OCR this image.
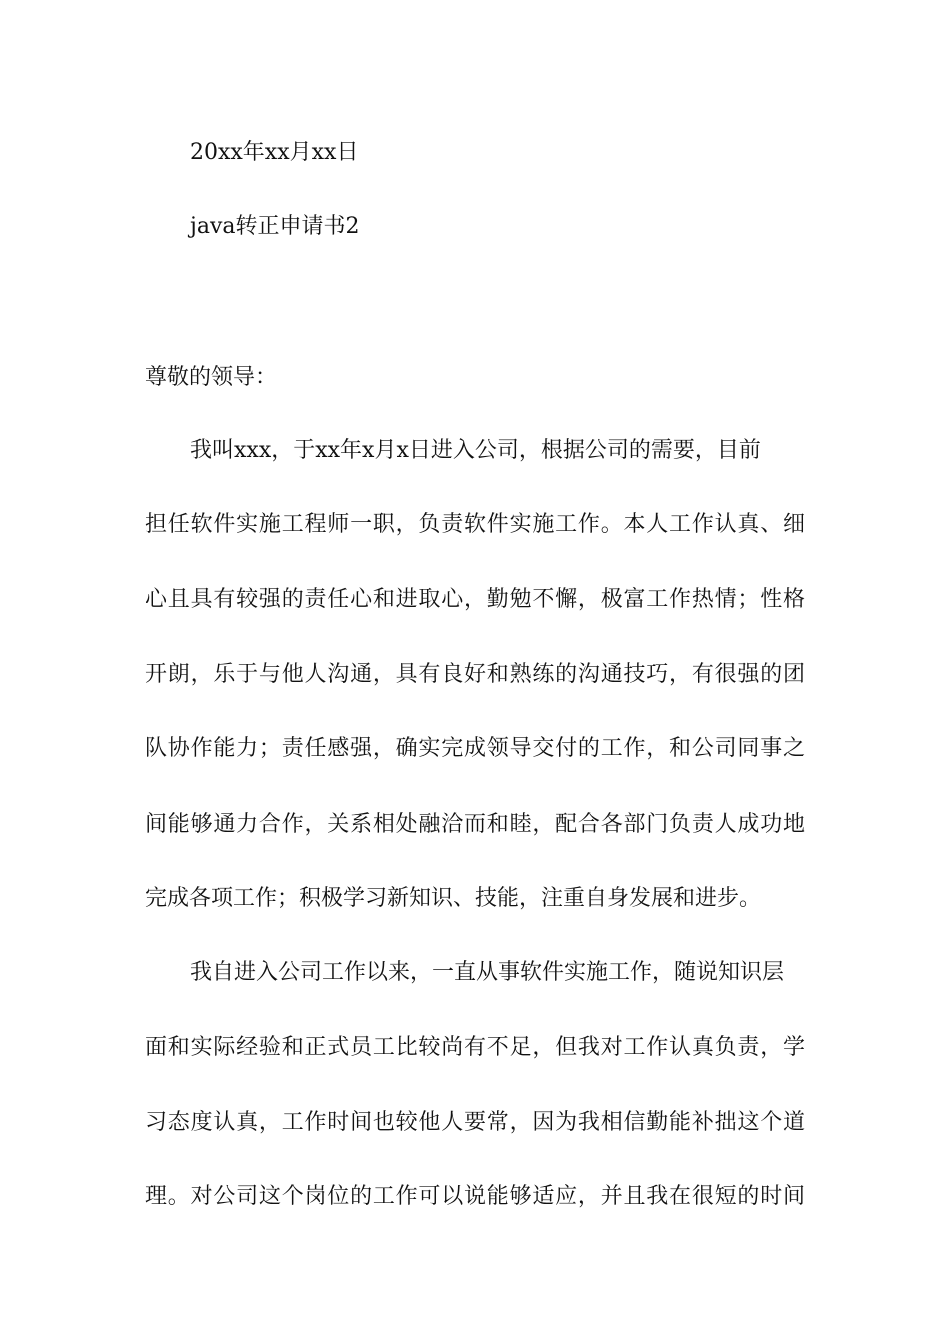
20xx年xx月xx日
java转正申请书2
尊敬的领导：
我叫xxx，于xx年x月x日进入公司，根据公司的需要，目前
担任软件实施工程师一职，负责软件实施工作。本人工作认真、细
心且具有较强的责任心和进取心，勤勉不懈，极富工作热情；性格
开朗，乐于与他人沟通，具有良好和熟练的沟通技巧，有很强的团
队协作能力；责任感强，确实完成领导交付的工作，和公司同事之
间能够通力合作，关系相处融洽而和睦，配合各部门负责人成功地
完成各项工作；积极学习新知识、技能，注重自身发展和进步。
我自进入公司工作以来，一直从事软件实施工作，随说知识层
面和实际经验和正式员工比较尚有不足，但我对工作认真负责，学
习态度认真，工作时间也较他人要常，因为我相信勤能补拙这个道
理。对公司这个岗位的工作可以说能够适应，并且我在很短的时间
